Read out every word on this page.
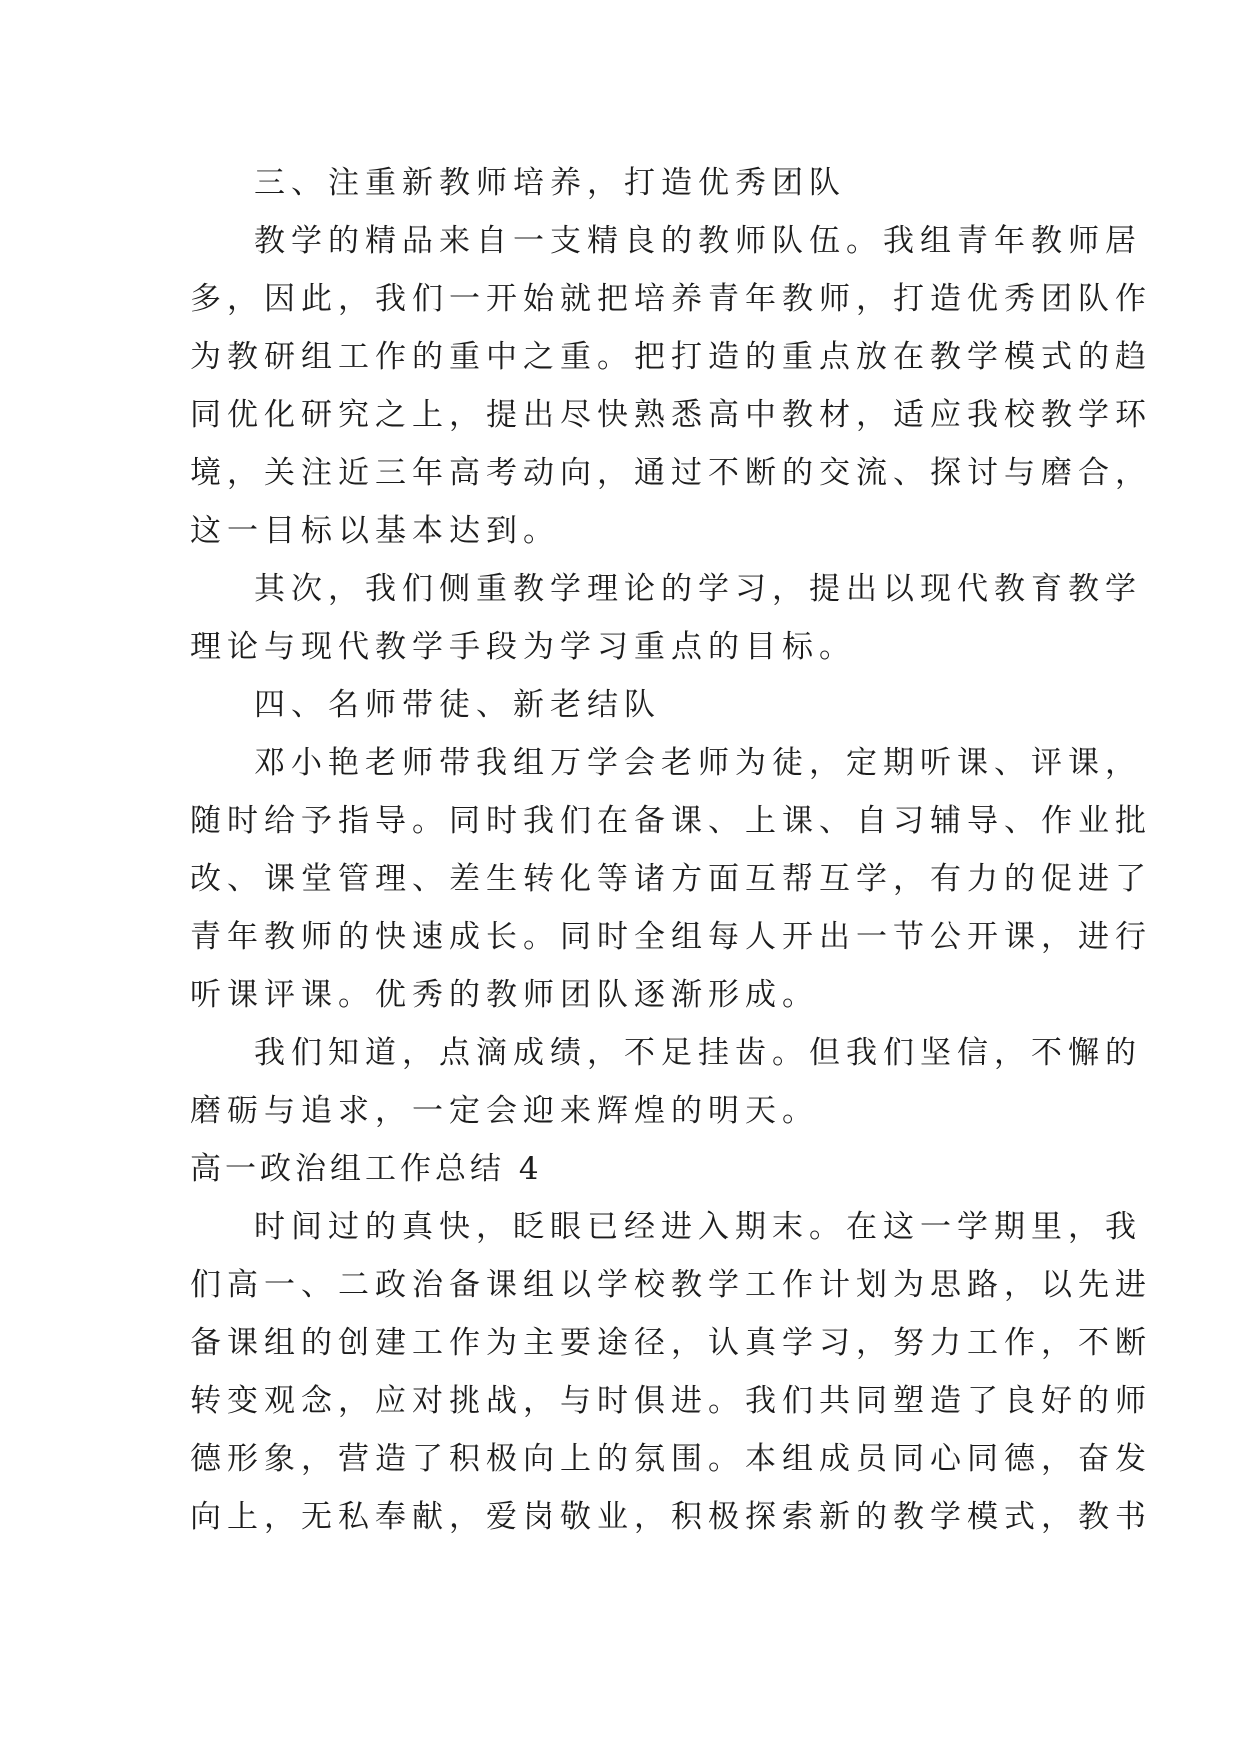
三、注重新教师培养，打造优秀团队
教学的精品来自一支精良的教师队伍。我组青年教师居
多，因此，我们一开始就把培养青年教师，打造优秀团队作
为教研组工作的重中之重。把打造的重点放在教学模式的趋
同优化研究之上，提出尽快熟悉高中教材，适应我校教学环
境，关注近三年高考动向，通过不断的交流、探讨与磨合，
这一目标以基本达到。
其次，我们侧重教学理论的学习，提出以现代教育教学
理论与现代教学手段为学习重点的目标。
四、名师带徒、新老结队
邓小艳老师带我组万学会老师为徒，定期听课、评课，
随时给予指导。同时我们在备课、上课、自习辅导、作业批
改、课堂管理、差生转化等诸方面互帮互学，有力的促进了
青年教师的快速成长。同时全组每人开出一节公开课，进行
听课评课。优秀的教师团队逐渐形成。
我们知道，点滴成绩，不足挂齿。但我们坚信，不懈的
磨砺与追求，一定会迎来辉煌的明天。
高一政治组工作总结 4
时间过的真快，眨眼已经进入期末。在这一学期里，我
们高一、二政治备课组以学校教学工作计划为思路，以先进
备课组的创建工作为主要途径，认真学习，努力工作，不断
转变观念，应对挑战，与时俱进。我们共同塑造了良好的师
德形象，营造了积极向上的氛围。本组成员同心同德，奋发
向上，无私奉献，爱岗敬业，积极探索新的教学模式，教书
